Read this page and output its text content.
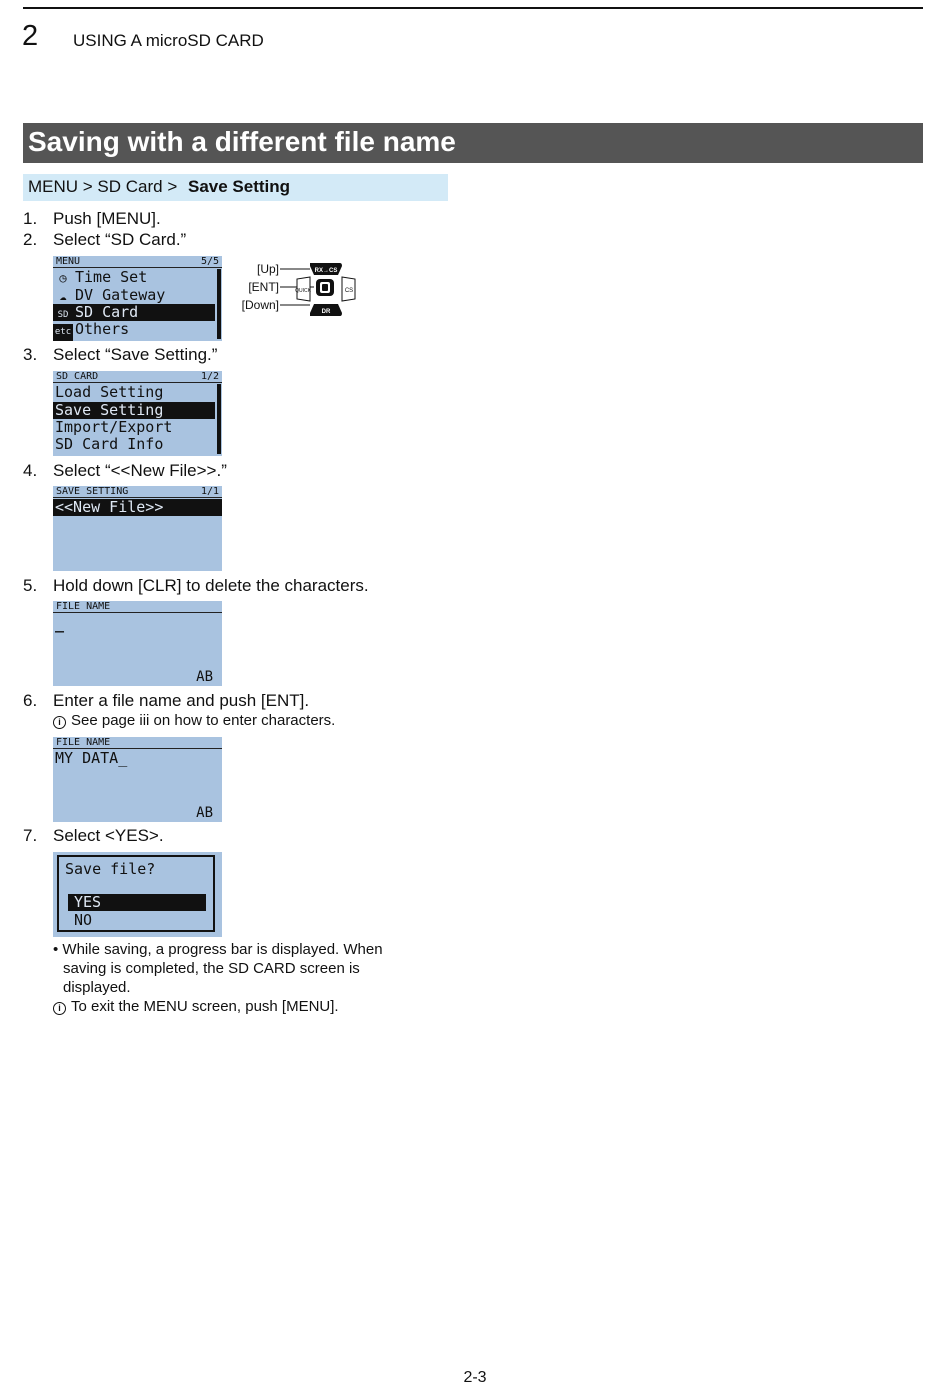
2 USING A microSD CARD
Saving with a different file name
MENU > SD Card > Save Setting
1. Push [MENU].
2. Select “SD Card.”
MENU	5/5
◷ Time Set
☁ DV Gateway
SD SD Card
etc Others
[Up]
[ENT]
[Down]
RX→CS
DR
QUICK	CS
3. Select “Save Setting.”
SD CARD	1/2
Load Setting
Save Setting
Import/Export
SD Card Info
4. Select “<<New File>>.”
SAVE SETTING	1/1
<<New File>>
5. Hold down [CLR] to delete the characters.
FILE NAME
_
AB
6. Enter a file name and push [ENT].
i See page iii on how to enter characters.
FILE NAME
MY DATA_
AB
7. Select <YES>.
Save file?
YES
NO
• While saving, a progress bar is displayed. When
saving is completed, the SD CARD screen is
displayed.
i To exit the MENU screen, push [MENU].
2-3
